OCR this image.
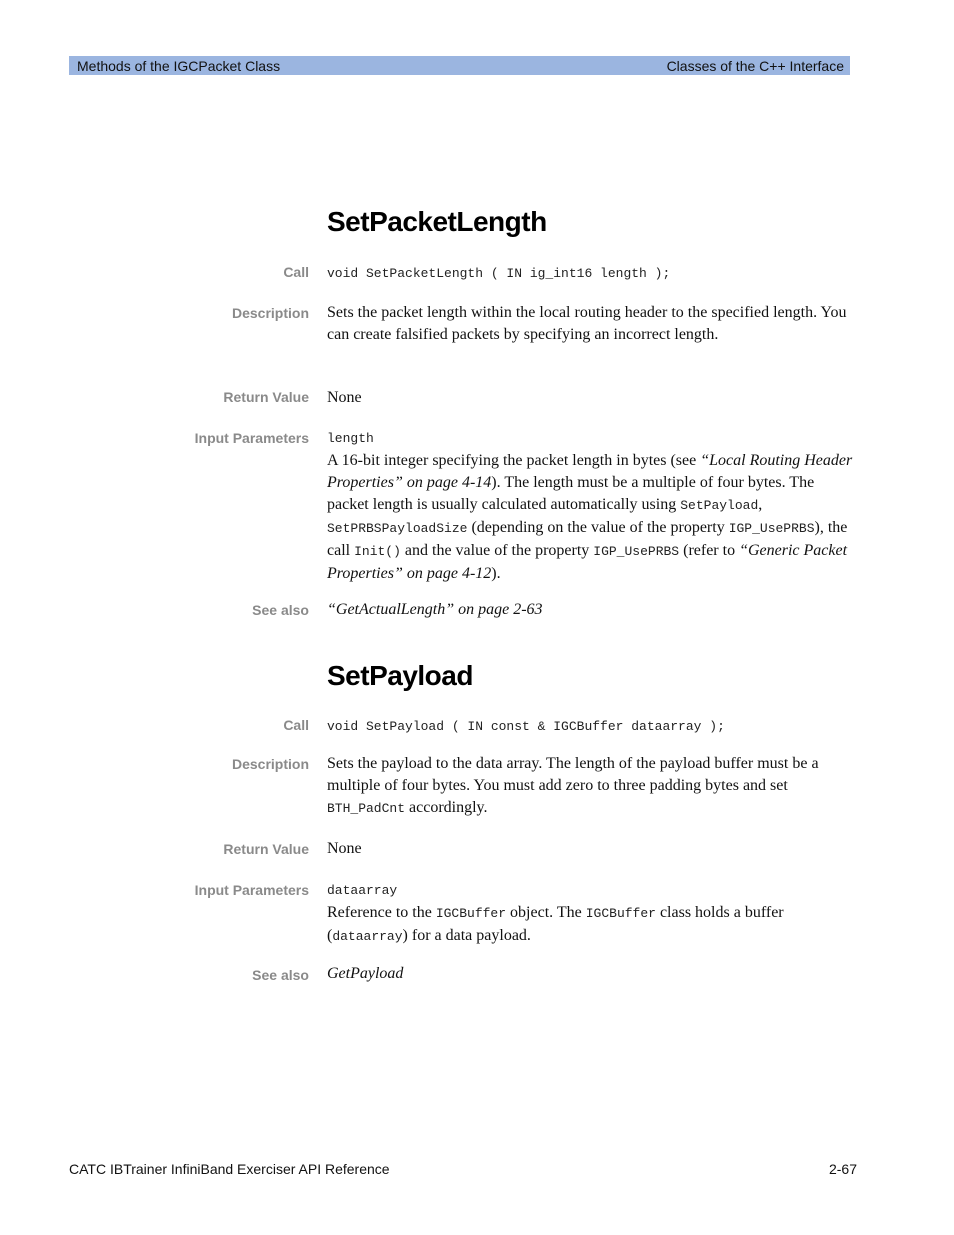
Methods of the IGCPacket Class	Classes of the C++ Interface
SetPacketLength
Call void SetPacketLength ( IN ig_int16 length );
Description Sets the packet length within the local routing header to the specified length. You can create falsified packets by specifying an incorrect length.
Return Value None
Input Parameters length
A 16-bit integer specifying the packet length in bytes (see “Local Routing Header Properties” on page 4-14). The length must be a multiple of four bytes. The packet length is usually calculated automatically using SetPayload, SetPRBSPayloadSize (depending on the value of the property IGP_UsePRBS), the call Init() and the value of the property IGP_UsePRBS (refer to “Generic Packet Properties” on page 4-12).
See also “GetActualLength” on page 2-63
SetPayload
Call void SetPayload ( IN const & IGCBuffer dataarray );
Description Sets the payload to the data array. The length of the payload buffer must be a multiple of four bytes. You must add zero to three padding bytes and set BTH_PadCnt accordingly.
Return Value None
Input Parameters dataarray
Reference to the IGCBuffer object. The IGCBuffer class holds a buffer (dataarray) for a data payload.
See also GetPayload
CATC IBTrainer InfiniBand Exerciser API Reference	2-67
